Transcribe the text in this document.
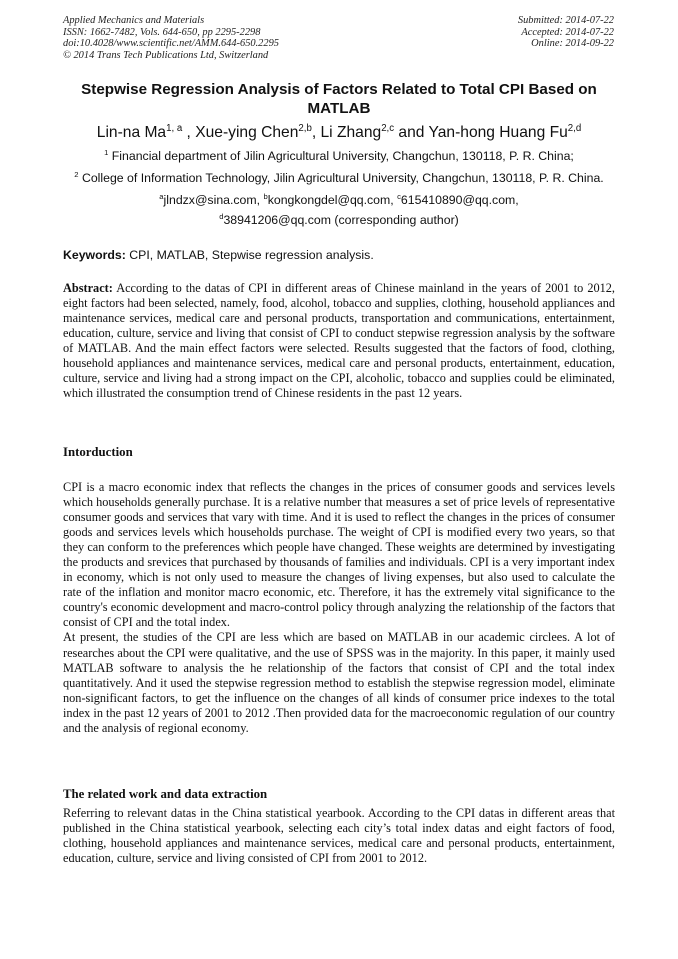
Applied Mechanics and Materials
ISSN: 1662-7482, Vols. 644-650, pp 2295-2298
doi:10.4028/www.scientific.net/AMM.644-650.2295
© 2014 Trans Tech Publications Ltd, Switzerland
Submitted: 2014-07-22
Accepted: 2014-07-22
Online: 2014-09-22
Stepwise Regression Analysis of Factors Related to Total CPI Based on MATLAB
Lin-na Ma$^{1, a}$ , Xue-ying Chen$^{2,b}$, Li Zhang$^{2,c}$ and Yan-hong Huang Fu$^{2,d}$
$^1$ Financial department of Jilin Agricultural University, Changchun, 130118, P. R. China;
$^2$ College of Information Technology, Jilin Agricultural University, Changchun, 130118, P. R. China.
$^a$jlndzx@sina.com, $^b$kongkongdel@qq.com, $^c$615410890@qq.com,
$^d$38941206@qq.com (corresponding author)
Keywords: CPI, MATLAB, Stepwise regression analysis.

Abstract: According to the datas of CPI in different areas of Chinese mainland in the years of 2001 to 2012, eight factors had been selected, namely, food, alcohol, tobacco and supplies, clothing, household appliances and maintenance services, medical care and personal products, transportation and communications, entertainment, education, culture, service and living that consist of CPI to conduct stepwise regression analysis by the software of MATLAB. And the main effect factors were selected. Results suggested that the factors of food, clothing, household appliances and maintenance services, medical care and personal products, entertainment, education, culture, service and living had a strong impact on the CPI, alcoholic, tobacco and supplies could be eliminated, which illustrated the consumption trend of Chinese residents in the past 12 years.

Intorduction

CPI is a macro economic index that reflects the changes in the prices of consumer goods and services levels which households generally purchase. It is a relative number that measures a set of price levels of representative consumer goods and services that vary with time. And it is used to reflect the changes in the prices of consumer goods and services levels which households purchase. The weight of CPI is modified every two years, so that they can conform to the preferences which people have changed. These weights are determined by investigating the products and srevices that purchased by thousands of families and individuals. CPI is a very important index in economy, which is not only used to measure the changes of living expenses, but also used to calculate the rate of the inflation and monitor macro economic, etc. Therefore, it has the extremely vital significance to the country's economic development and macro-control policy through analyzing the relationship of the factors that consist of CPI and the total index.

At present, the studies of the CPI are less which are based on MATLAB in our academic circlees. A lot of researches about the CPI were qualitative, and the use of SPSS was in the majority. In this paper, it mainly used MATLAB software to analysis the he relationship of the factors that consist of CPI and the total index quantitatively. And it used the stepwise regression method to establish the stepwise regression model, eliminate non-significant factors, to get the influence on the changes of all kinds of consumer price indexes to the total index in the past 12 years of 2001 to 2012 .Then provided data for the macroeconomic regulation of our country and the analysis of regional economy.

The related work and data extraction

Referring to relevant datas in the China statistical yearbook. According to the CPI datas in different areas that published in the China statistical yearbook, selecting each city’s total index datas and eight factors of food, clothing, household appliances and maintenance services, medical care and personal products, entertainment, education, culture, service and living consisted of CPI from 2001 to 2012.
